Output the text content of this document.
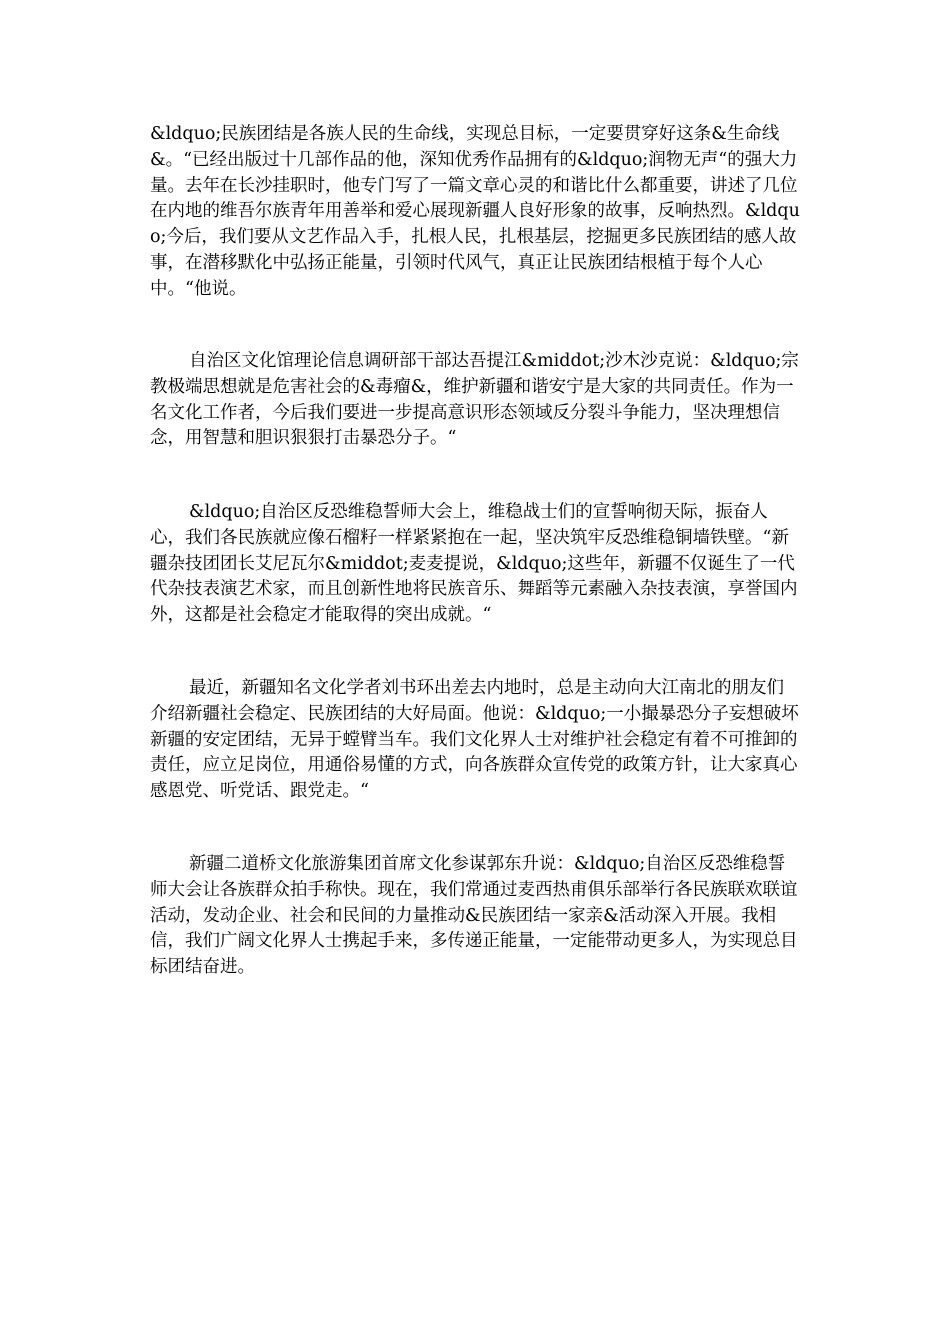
&ldquo;民族团结是各族人民的生命线，实现总目标，一定要贯穿好这条&生命线&。“已经出版过十几部作品的他，深知优秀作品拥有的&ldquo;润物无声“的强大力量。去年在长沙挂职时，他专门写了一篇文章心灵的和谐比什么都重要，讲述了几位在内地的维吾尔族青年用善举和爱心展现新疆人良好形象的故事，反响热烈。&ldquo;今后，我们要从文艺作品入手，扎根人民，扎根基层，挖掘更多民族团结的感人故事，在潜移默化中弘扬正能量，引领时代风气，真正让民族团结根植于每个人心中。“他说。

自治区文化馆理论信息调研部干部达吾提江&middot;沙木沙克说：&ldquo;宗教极端思想就是危害社会的&毒瘤&，维护新疆和谐安宁是大家的共同责任。作为一名文化工作者，今后我们要进一步提高意识形态领域反分裂斗争能力，坚决理想信念，用智慧和胆识狠狠打击暴恐分子。“

&ldquo;自治区反恐维稳誓师大会上，维稳战士们的宣誓响彻天际，振奋人心，我们各民族就应像石榴籽一样紧紧抱在一起，坚决筑牢反恐维稳铜墙铁壁。“新疆杂技团团长艾尼瓦尔&middot;麦麦提说，&ldquo;这些年，新疆不仅诞生了一代代杂技表演艺术家，而且创新性地将民族音乐、舞蹈等元素融入杂技表演，享誉国内外，这都是社会稳定才能取得的突出成就。“

最近，新疆知名文化学者刘书环出差去内地时，总是主动向大江南北的朋友们介绍新疆社会稳定、民族团结的大好局面。他说：&ldquo;一小撮暴恐分子妄想破坏新疆的安定团结，无异于螳臂当车。我们文化界人士对维护社会稳定有着不可推卸的责任，应立足岗位，用通俗易懂的方式，向各族群众宣传党的政策方针，让大家真心感恩党、听党话、跟党走。“

新疆二道桥文化旅游集团首席文化参谋郭东升说：&ldquo;自治区反恐维稳誓师大会让各族群众拍手称快。现在，我们常通过麦西热甫俱乐部举行各民族联欢联谊活动，发动企业、社会和民间的力量推动&民族团结一家亲&活动深入开展。我相信，我们广阔文化界人士携起手来，多传递正能量，一定能带动更多人，为实现总目标团结奋进。
